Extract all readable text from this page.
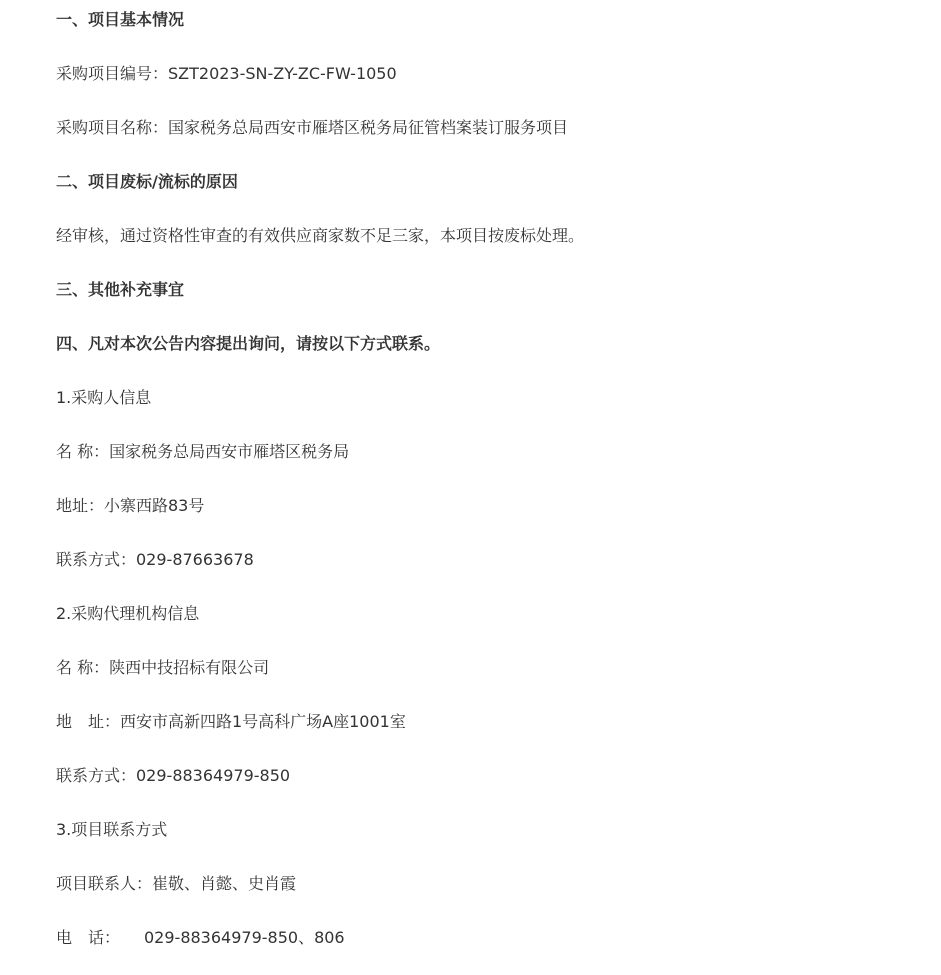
一、项目基本情况
采购项目编号：SZT2023-SN-ZY-ZC-FW-1050
采购项目名称：国家税务总局西安市雁塔区税务局征管档案装订服务项目
二、项目废标/流标的原因
经审核，通过资格性审查的有效供应商家数不足三家，本项目按废标处理。
三、其他补充事宜
四、凡对本次公告内容提出询问，请按以下方式联系。
1.采购人信息
名 称：国家税务总局西安市雁塔区税务局
地址：小寨西路83号
联系方式：029-87663678
2.采购代理机构信息
名 称：陕西中技招标有限公司
地　址：西安市高新四路1号高科广场A座1001室
联系方式：029-88364979-850
3.项目联系方式
项目联系人：崔敬、肖懿、史肖霞
电　话：　　029-88364979-850、806
